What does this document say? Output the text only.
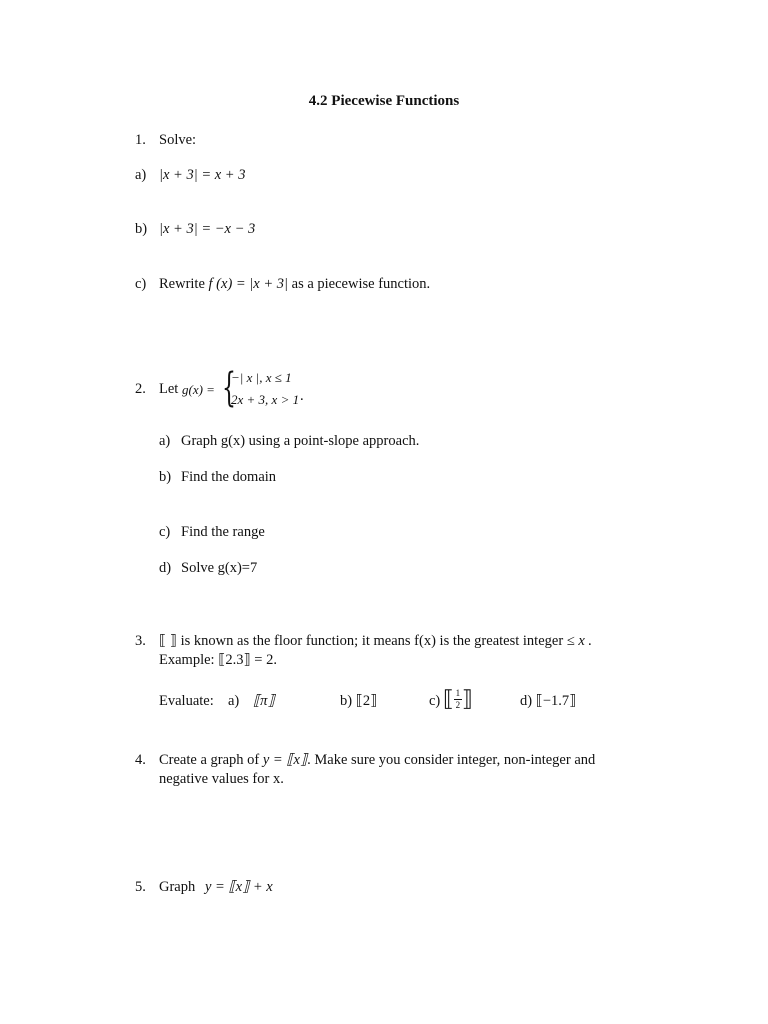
4.2 Piecewise Functions
1. Solve:
a) |x + 3| = x + 3
b) |x + 3| = −x − 3
c) Rewrite f (x) = |x + 3| as a piecewise function.
2. Let g(x) = {
−| x |, x ≤ 1
2x + 3, x > 1 .
a) Graph g(x) using a point-slope approach.
b) Find the domain
c) Find the range
d) Solve g(x)=7
3. ⟦ ⟧ is known as the floor function; it means f(x) is the greatest integer ≤ x .
Example: ⟦2.3⟧ = 2.
Evaluate: a) ⟦π⟧	b) ⟦2⟧	c) ⟦ $\frac{1}{2}$ ⟧	d) ⟦−1.7⟧
4. Create a graph of y = ⟦x⟧. Make sure you consider integer, non-integer and
negative values for x.
5. Graph y = ⟦x⟧ + x
